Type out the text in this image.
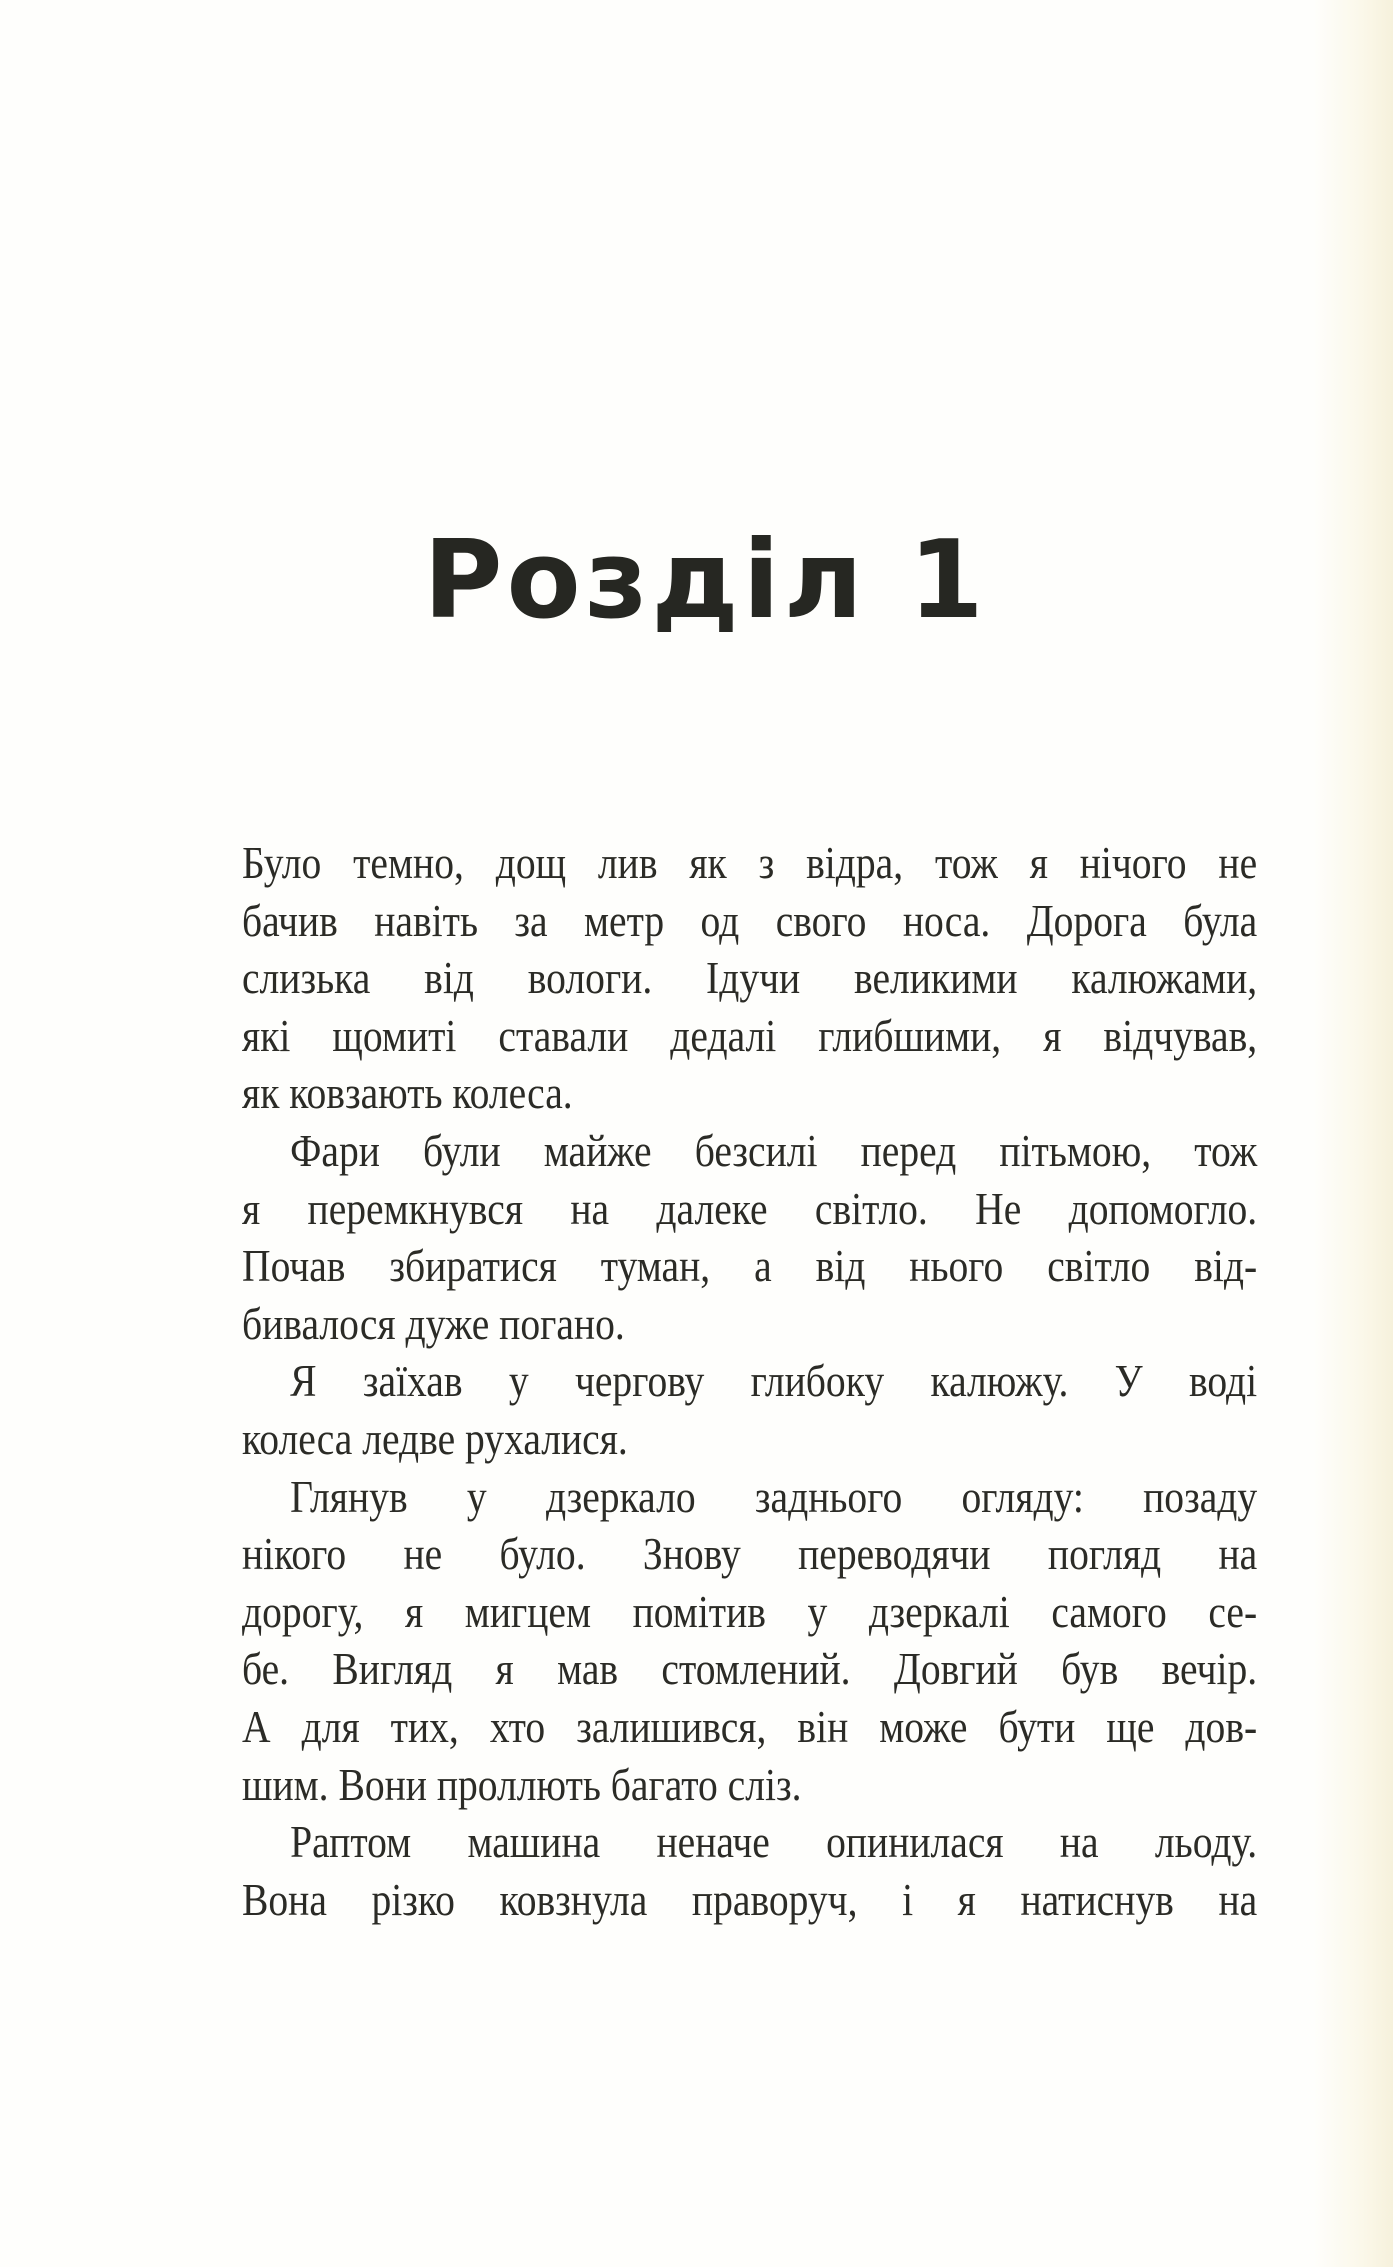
Розділ 1
Було темно, дощ лив як з відра, тож я нічого не
бачив навіть за метр од свого носа. Дорога була
слизька від вологи. Ідучи великими калюжами,
які щомиті ставали дедалі глибшими, я відчував,
як ковзають колеса.
Фари були майже безсилі перед пітьмою, тож
я перемкнувся на далеке світло. Не допомогло.
Почав збиратися туман, а від нього світло від-
бивалося дуже погано.
Я заїхав у чергову глибоку калюжу. У воді
колеса ледве рухалися.
Глянув у дзеркало заднього огляду: позаду
нікого не було. Знову переводячи погляд на
дорогу, я мигцем помітив у дзеркалі самого се-
бе. Вигляд я мав стомлений. Довгий був вечір.
А для тих, хто залишився, він може бути ще дов-
шим. Вони проллють багато сліз.
Раптом машина неначе опинилася на льоду.
Вона різко ковзнула праворуч, і я натиснув на
